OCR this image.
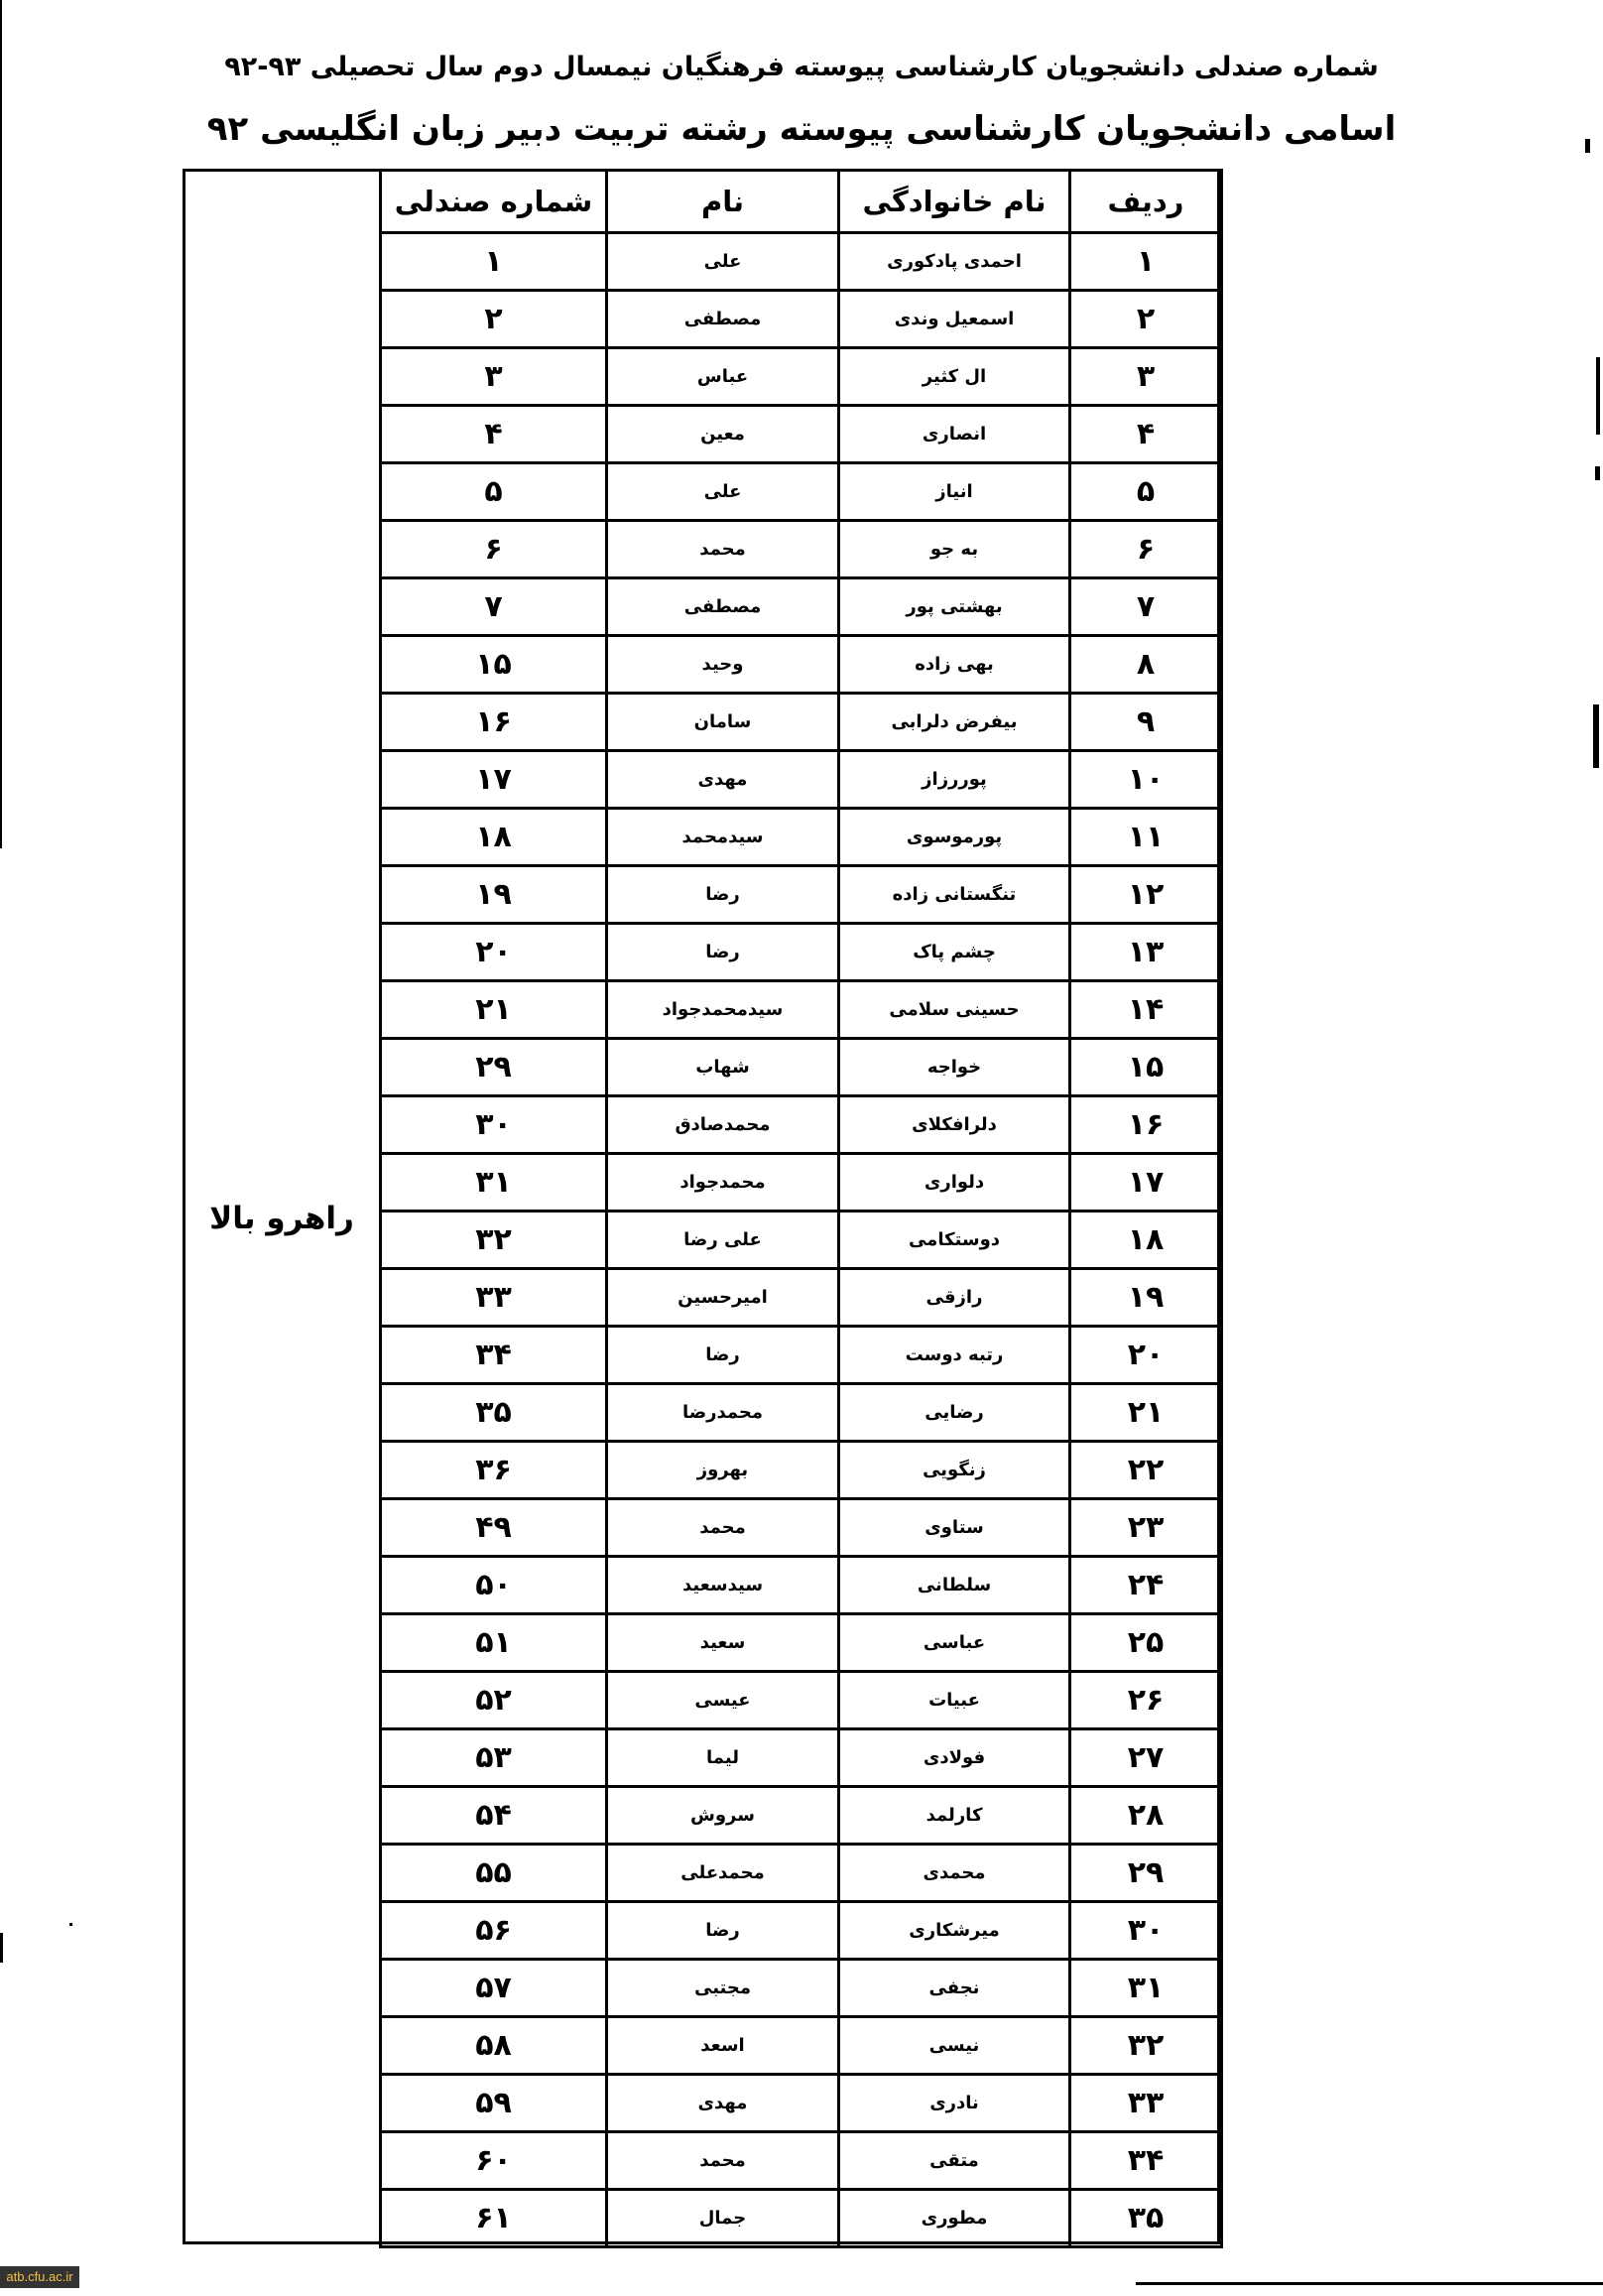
شماره صندلی دانشجویان کارشناسی پیوسته فرهنگیان نیمسال دوم سال تحصیلی ۹۳-۹۲
اسامی دانشجویان کارشناسی پیوسته رشته تربیت دبیر زبان انگلیسی ۹۲
راهرو بالا
ردیف	نام خانوادگی	نام	شماره صندلی
۱	احمدی پادکوری	علی	۱
۲	اسمعیل وندی	مصطفی	۲
۳	ال کثیر	عباس	۳
۴	انصاری	معین	۴
۵	انیاز	علی	۵
۶	به جو	محمد	۶
۷	بهشتی پور	مصطفی	۷
۸	بهی زاده	وحید	۱۵
۹	بیفرض دلرابی	سامان	۱۶
۱۰	پوررزاز	مهدی	۱۷
۱۱	پورموسوی	سیدمحمد	۱۸
۱۲	تنگستانی زاده	رضا	۱۹
۱۳	چشم پاک	رضا	۲۰
۱۴	حسینی سلامی	سیدمحمدجواد	۲۱
۱۵	خواجه	شهاب	۲۹
۱۶	دلرافکلای	محمدصادق	۳۰
۱۷	دلواری	محمدجواد	۳۱
۱۸	دوستکامی	علی رضا	۳۲
۱۹	رازقی	امیرحسین	۳۳
۲۰	رتبه دوست	رضا	۳۴
۲۱	رضایی	محمدرضا	۳۵
۲۲	زنگویی	بهروز	۳۶
۲۳	ستاوی	محمد	۴۹
۲۴	سلطانی	سیدسعید	۵۰
۲۵	عباسی	سعید	۵۱
۲۶	عبیات	عیسی	۵۲
۲۷	فولادی	لیما	۵۳
۲۸	کارلمد	سروش	۵۴
۲۹	محمدی	محمدعلی	۵۵
۳۰	میرشکاری	رضا	۵۶
۳۱	نجفی	مجتبی	۵۷
۳۲	نیسی	اسعد	۵۸
۳۳	نادری	مهدی	۵۹
۳۴	متقی	محمد	۶۰
۳۵	مطوری	جمال	۶۱
atb.cfu.ac.ir
